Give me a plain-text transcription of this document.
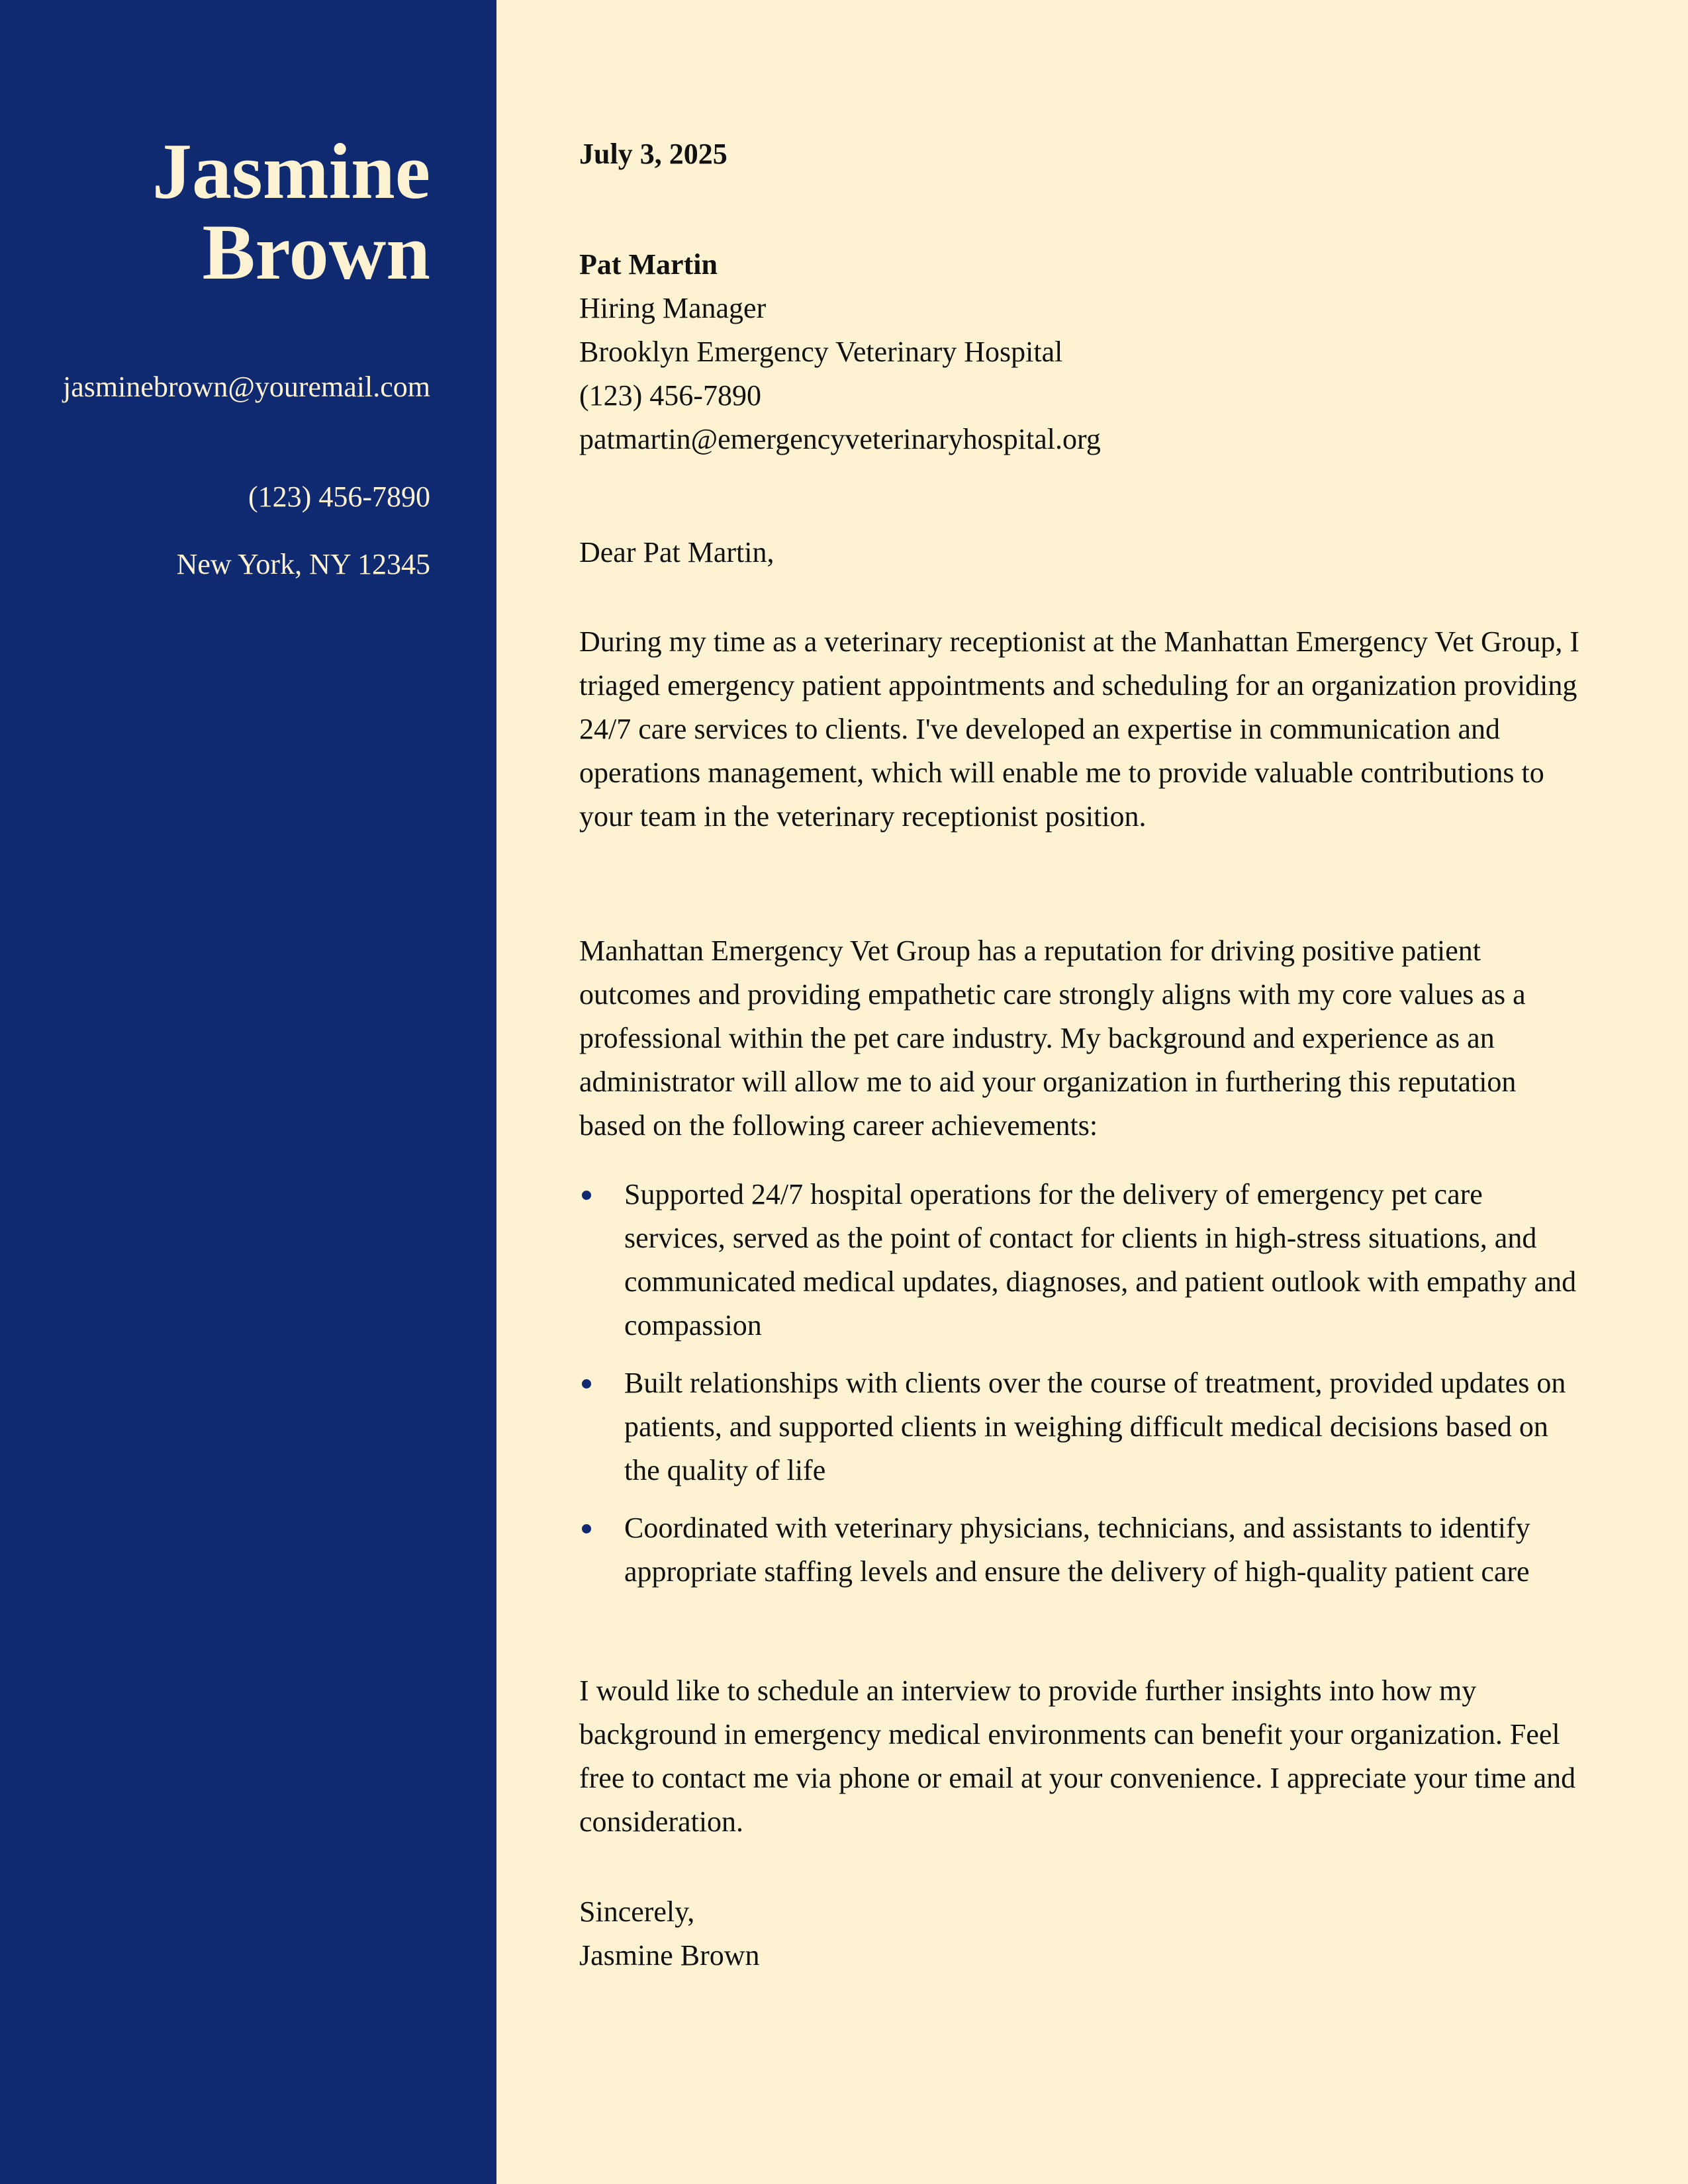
Jasmine
Brown

jasminebrown@youremail.com

(123) 456-7890

New York, NY 12345

July 3, 2025

Pat Martin
Hiring Manager
Brooklyn Emergency Veterinary Hospital
(123) 456-7890
patmartin@emergencyveterinaryhospital.org

Dear Pat Martin,

During my time as a veterinary receptionist at the Manhattan Emergency Vet Group, I triaged emergency patient appointments and scheduling for an organization providing 24/7 care services to clients. I've developed an expertise in communication and operations management, which will enable me to provide valuable contributions to your team in the veterinary receptionist position.

Manhattan Emergency Vet Group has a reputation for driving positive patient outcomes and providing empathetic care strongly aligns with my core values as a professional within the pet care industry. My background and experience as an administrator will allow me to aid your organization in furthering this reputation based on the following career achievements:

Supported 24/7 hospital operations for the delivery of emergency pet care services, served as the point of contact for clients in high-stress situations, and communicated medical updates, diagnoses, and patient outlook with empathy and compassion
Built relationships with clients over the course of treatment, provided updates on patients, and supported clients in weighing difficult medical decisions based on the quality of life
Coordinated with veterinary physicians, technicians, and assistants to identify appropriate staffing levels and ensure the delivery of high-quality patient care

I would like to schedule an interview to provide further insights into how my background in emergency medical environments can benefit your organization. Feel free to contact me via phone or email at your convenience. I appreciate your time and consideration.

Sincerely,
Jasmine Brown
